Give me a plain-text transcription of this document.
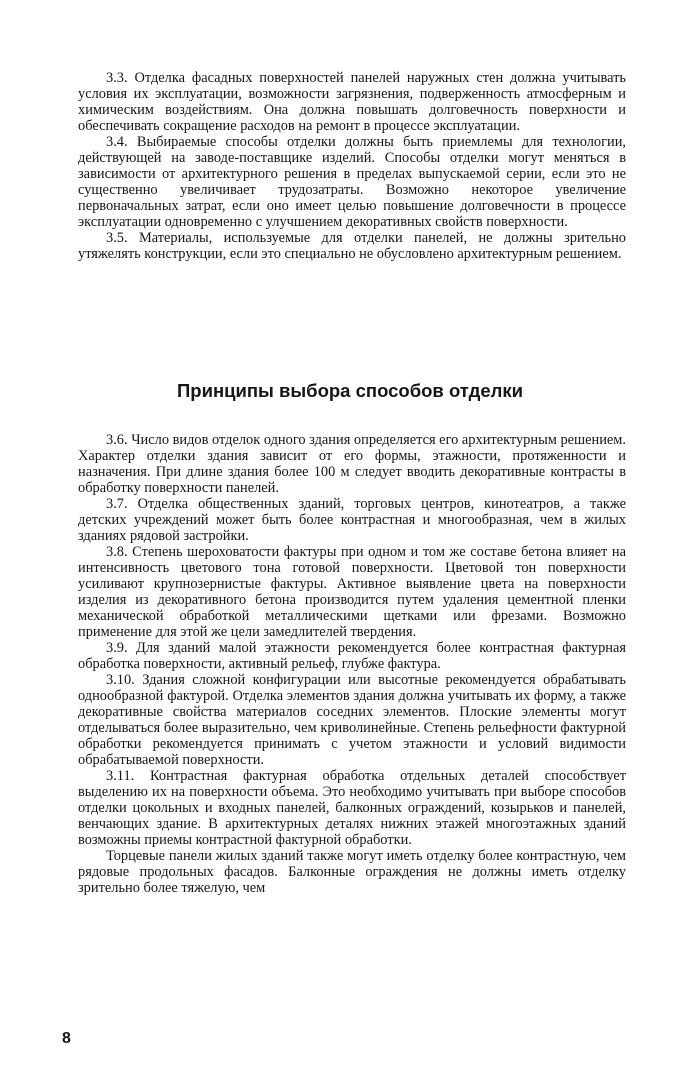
3.3. Отделка фасадных поверхностей панелей наружных стен должна учитывать условия их эксплуатации, возможности загрязнения, подверженность атмосферным и химическим воздействиям. Она должна повышать долговечность поверхности и обеспечивать сокращение расходов на ремонт в процессе эксплуатации.

3.4. Выбираемые способы отделки должны быть приемлемы для технологии, действующей на заводе-поставщике изделий. Способы отделки могут меняться в зависимости от архитектурного решения в пределах выпускаемой серии, если это не существенно увеличивает трудозатраты. Возможно некоторое увеличение первоначальных затрат, если оно имеет целью повышение долговечности в процессе эксплуатации одновременно с улучшением декоративных свойств поверхности.

3.5. Материалы, используемые для отделки панелей, не должны зрительно утяжелять конструкции, если это специально не обусловлено архитектурным решением.

Принципы выбора способов отделки

3.6. Число видов отделок одного здания определяется его архитектурным решением. Характер отделки здания зависит от его формы, этажности, протяженности и назначения. При длине здания более 100 м следует вводить декоративные контрасты в обработку поверхности панелей.

3.7. Отделка общественных зданий, торговых центров, кинотеатров, а также детских учреждений может быть более контрастная и многообразная, чем в жилых зданиях рядовой застройки.

3.8. Степень шероховатости фактуры при одном и том же составе бетона влияет на интенсивность цветового тона готовой поверхности. Цветовой тон поверхности усиливают крупнозернистые фактуры. Активное выявление цвета на поверхности изделия из декоративного бетона производится путем удаления цементной пленки механической обработкой металлическими щетками или фрезами. Возможно применение для этой же цели замедлителей твердения.

3.9. Для зданий малой этажности рекомендуется более контрастная фактурная обработка поверхности, активный рельеф, глубже фактура.

3.10. Здания сложной конфигурации или высотные рекомендуется обрабатывать однообразной фактурой. Отделка элементов здания должна учитывать их форму, а также декоративные свойства материалов соседних элементов. Плоские элементы могут отделываться более выразительно, чем криволинейные. Степень рельефности фактурной обработки рекомендуется принимать с учетом этажности и условий видимости обрабатываемой поверхности.

3.11. Контрастная фактурная обработка отдельных деталей способствует выделению их на поверхности объема. Это необходимо учитывать при выборе способов отделки цокольных и входных панелей, балконных ограждений, козырьков и панелей, венчающих здание. В архитектурных деталях нижних этажей многоэтажных зданий возможны приемы контрастной фактурной обработки.

Торцевые панели жилых зданий также могут иметь отделку более контрастную, чем рядовые продольных фасадов. Балконные ограждения не должны иметь отделку зрительно более тяжелую, чем

8
